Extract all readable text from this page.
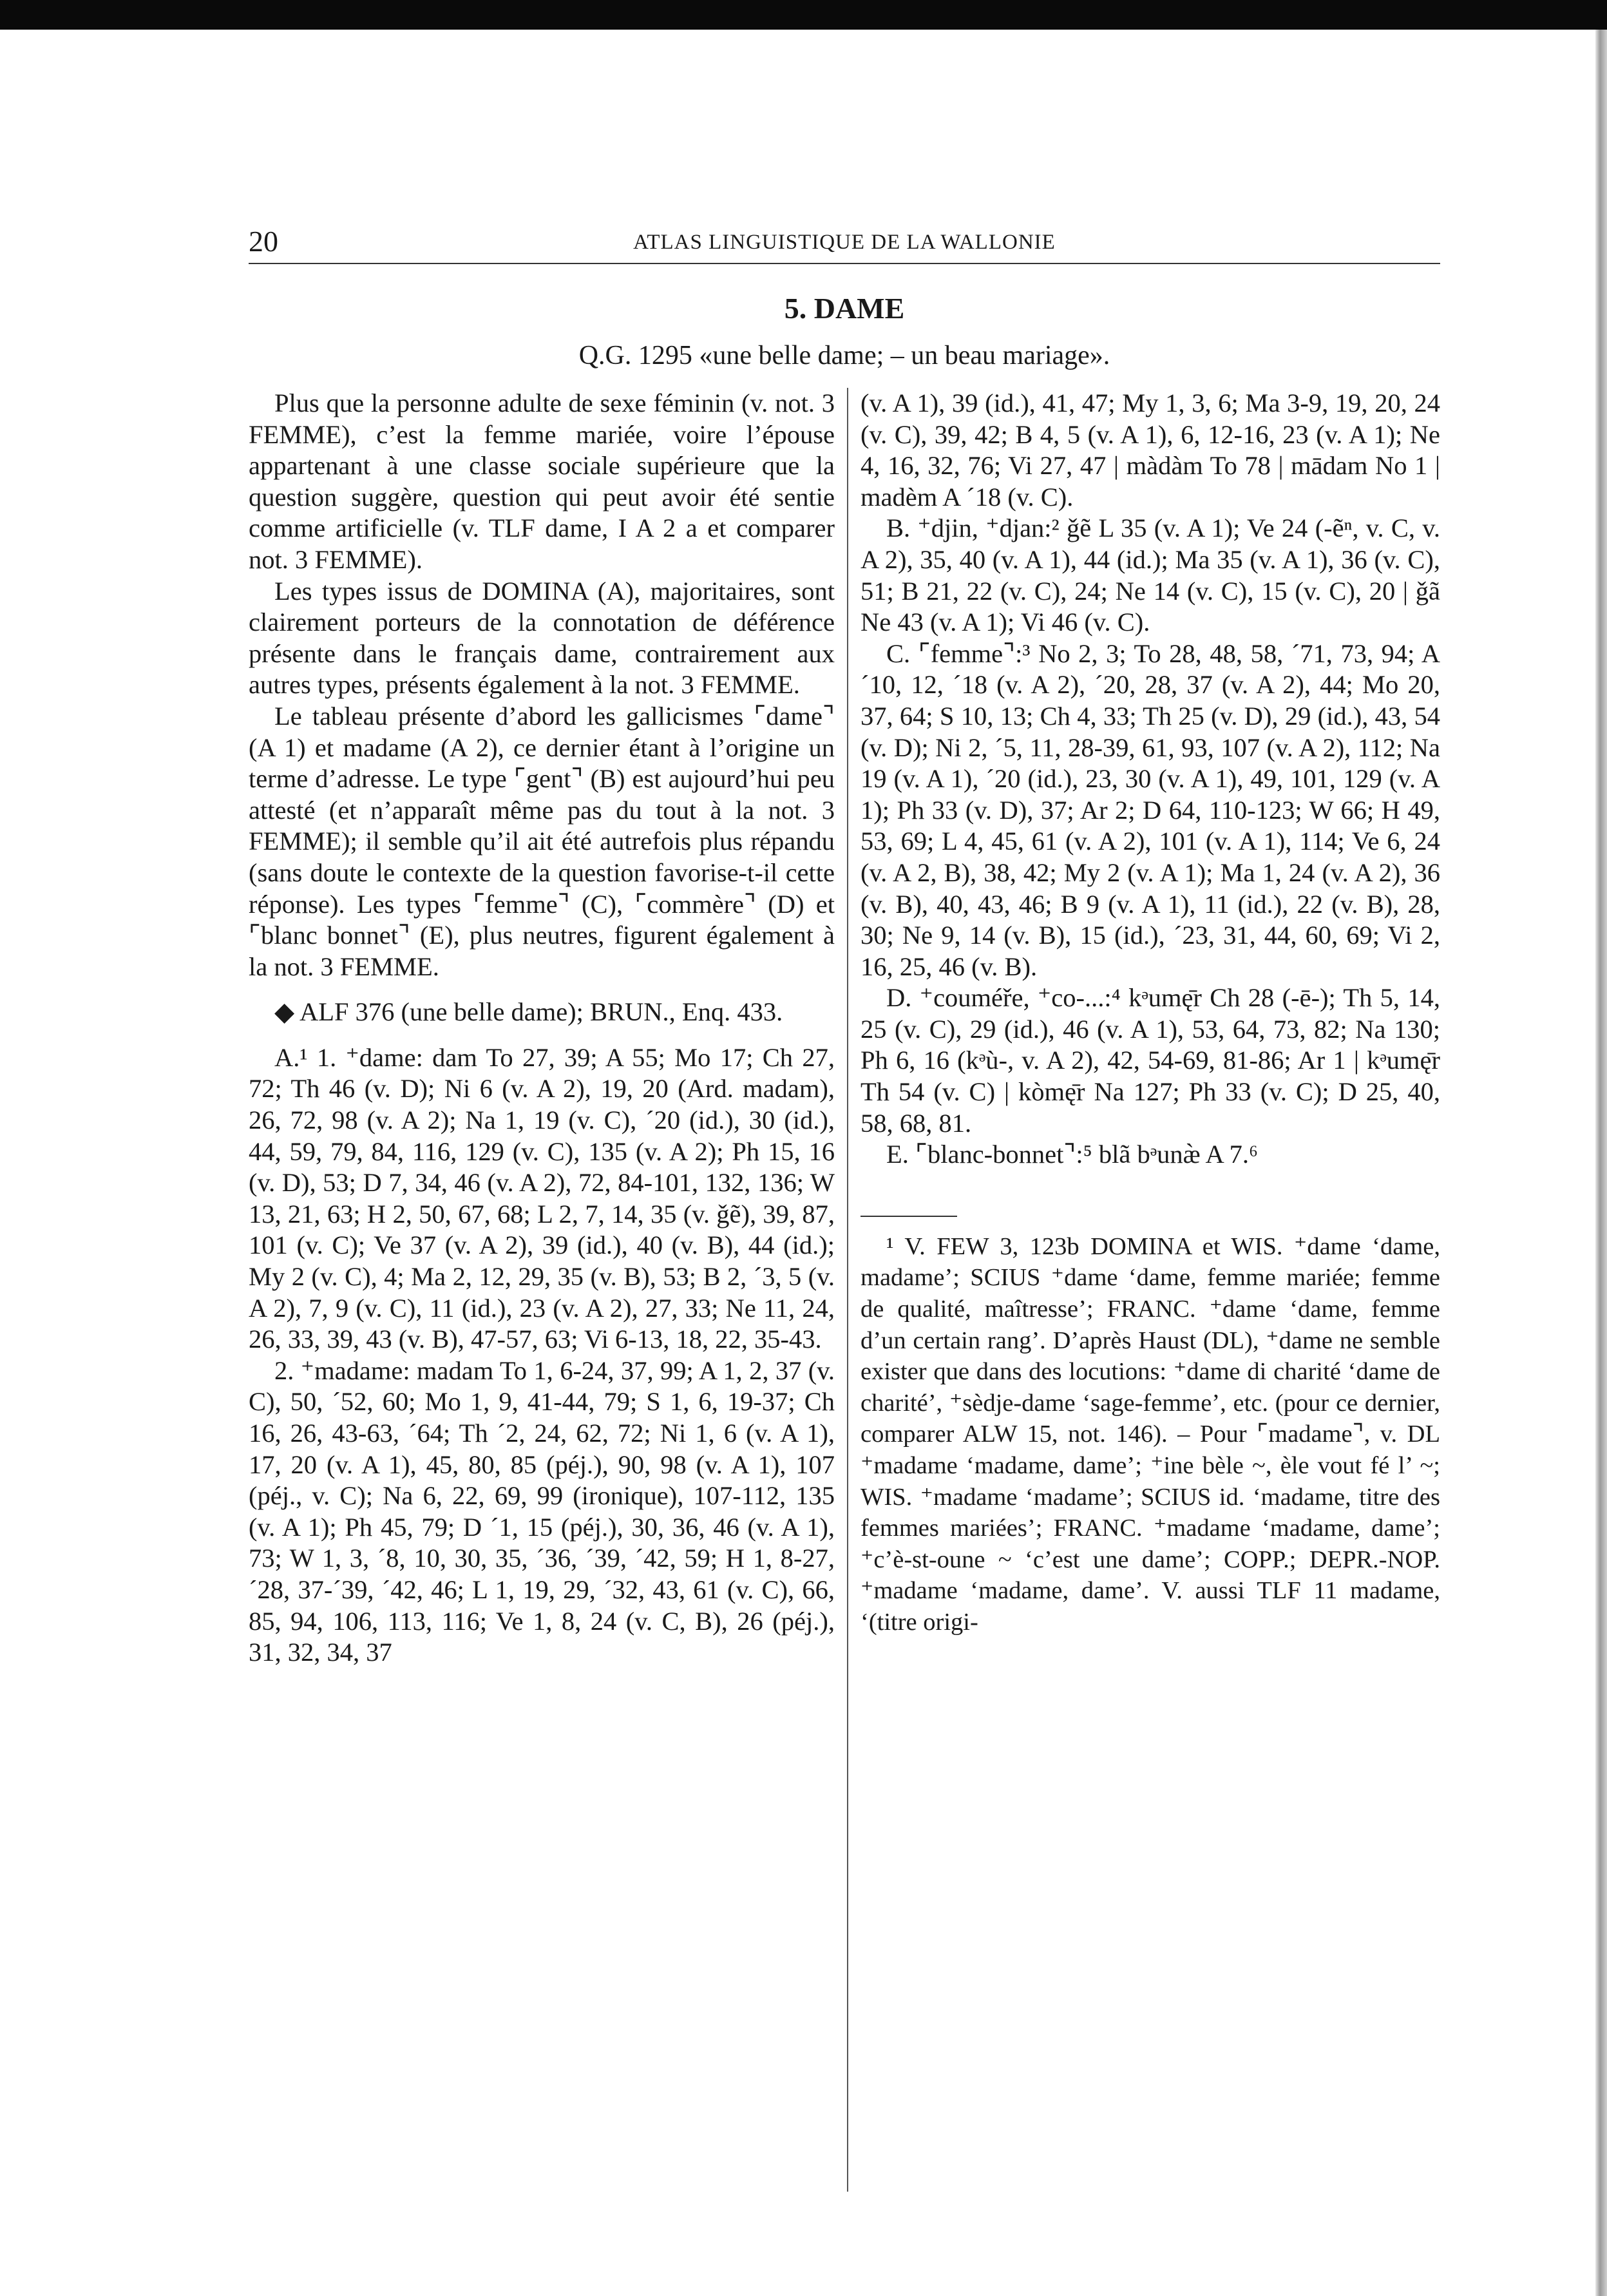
20	ATLAS LINGUISTIQUE DE LA WALLONIE
5. DAME
Q.G. 1295 «une belle dame; – un beau mariage».

Plus que la personne adulte de sexe féminin (v. not. 3 FEMME), c’est la femme mariée, voire l’épouse appartenant à une classe sociale supérieure que la question suggère, question qui peut avoir été sentie comme artificielle (v. TLF dame, I A 2 a et comparer not. 3 FEMME).

Les types issus de DOMINA (A), majoritaires, sont clairement porteurs de la connotation de déférence présente dans le français dame, contrairement aux autres types, présents également à la not. 3 FEMME.

Le tableau présente d’abord les gallicismes ⌜dame⌝ (A 1) et madame (A 2), ce dernier étant à l’origine un terme d’adresse. Le type ⌜gent⌝ (B) est aujourd’hui peu attesté (et n’apparaît même pas du tout à la not. 3 FEMME); il semble qu’il ait été autrefois plus répandu (sans doute le contexte de la question favorise-t-il cette réponse). Les types ⌜femme⌝ (C), ⌜commère⌝ (D) et ⌜blanc bonnet⌝ (E), plus neutres, figurent également à la not. 3 FEMME.

◆ ALF 376 (une belle dame); BRUN., Enq. 433.

A.¹ 1. ⁺dame: dam To 27, 39; A 55; Mo 17; Ch 27, 72; Th 46 (v. D); Ni 6 (v. A 2), 19, 20 (Ard. madam), 26, 72, 98 (v. A 2); Na 1, 19 (v. C), ´20 (id.), 30 (id.), 44, 59, 79, 84, 116, 129 (v. C), 135 (v. A 2); Ph 15, 16 (v. D), 53; D 7, 34, 46 (v. A 2), 72, 84-101, 132, 136; W 13, 21, 63; H 2, 50, 67, 68; L 2, 7, 14, 35 (v. ǧẽ), 39, 87, 101 (v. C); Ve 37 (v. A 2), 39 (id.), 40 (v. B), 44 (id.); My 2 (v. C), 4; Ma 2, 12, 29, 35 (v. B), 53; B 2, ´3, 5 (v. A 2), 7, 9 (v. C), 11 (id.), 23 (v. A 2), 27, 33; Ne 11, 24, 26, 33, 39, 43 (v. B), 47-57, 63; Vi 6-13, 18, 22, 35-43.

2. ⁺madame: madam To 1, 6-24, 37, 99; A 1, 2, 37 (v. C), 50, ´52, 60; Mo 1, 9, 41-44, 79; S 1, 6, 19-37; Ch 16, 26, 43-63, ´64; Th ´2, 24, 62, 72; Ni 1, 6 (v. A 1), 17, 20 (v. A 1), 45, 80, 85 (péj.), 90, 98 (v. A 1), 107 (péj., v. C); Na 6, 22, 69, 99 (ironique), 107-112, 135 (v. A 1); Ph 45, 79; D ´1, 15 (péj.), 30, 36, 46 (v. A 1), 73; W 1, 3, ´8, 10, 30, 35, ´36, ´39, ´42, 59; H 1, 8-27, ´28, 37-´39, ´42, 46; L 1, 19, 29, ´32, 43, 61 (v. C), 66, 85, 94, 106, 113, 116; Ve 1, 8, 24 (v. C, B), 26 (péj.), 31, 32, 34, 37

(v. A 1), 39 (id.), 41, 47; My 1, 3, 6; Ma 3-9, 19, 20, 24 (v. C), 39, 42; B 4, 5 (v. A 1), 6, 12-16, 23 (v. A 1); Ne 4, 16, 32, 76; Vi 27, 47 | màdàm To 78 | mādam No 1 | madèm A ´18 (v. C).

B. ⁺djin, ⁺djan:² ǧẽ L 35 (v. A 1); Ve 24 (-ẽⁿ, v. C, v. A 2), 35, 40 (v. A 1), 44 (id.); Ma 35 (v. A 1), 36 (v. C), 51; B 21, 22 (v. C), 24; Ne 14 (v. C), 15 (v. C), 20 | ǧã Ne 43 (v. A 1); Vi 46 (v. C).

C. ⌜femme⌝:³ No 2, 3; To 28, 48, 58, ´71, 73, 94; A ´10, 12, ´18 (v. A 2), ´20, 28, 37 (v. A 2), 44; Mo 20, 37, 64; S 10, 13; Ch 4, 33; Th 25 (v. D), 29 (id.), 43, 54 (v. D); Ni 2, ´5, 11, 28-39, 61, 93, 107 (v. A 2), 112; Na 19 (v. A 1), ´20 (id.), 23, 30 (v. A 1), 49, 101, 129 (v. A 1); Ph 33 (v. D), 37; Ar 2; D 64, 110-123; W 66; H 49, 53, 69; L 4, 45, 61 (v. A 2), 101 (v. A 1), 114; Ve 6, 24 (v. A 2, B), 38, 42; My 2 (v. A 1); Ma 1, 24 (v. A 2), 36 (v. B), 40, 43, 46; B 9 (v. A 1), 11 (id.), 22 (v. B), 28, 30; Ne 9, 14 (v. B), 15 (id.), ´23, 31, 44, 60, 69; Vi 2, 16, 25, 46 (v. B).

D. ⁺couméře, ⁺co-...:⁴ kᵊumę̄r Ch 28 (-ē-); Th 5, 14, 25 (v. C), 29 (id.), 46 (v. A 1), 53, 64, 73, 82; Na 130; Ph 6, 16 (kᵊù-, v. A 2), 42, 54-69, 81-86; Ar 1 | kᵊumę̄r Th 54 (v. C) | kòmę̄r Na 127; Ph 33 (v. C); D 25, 40, 58, 68, 81.

E. ⌜blanc-bonnet⌝:⁵ blã bᵊunæ̀ A 7.⁶

¹ V. FEW 3, 123b DOMINA et WIS. ⁺dame ‘dame, madame’; SCIUS ⁺dame ‘dame, femme mariée; femme de qualité, maîtresse’; FRANC. ⁺dame ‘dame, femme d’un certain rang’. D’après Haust (DL), ⁺dame ne semble exister que dans des locutions: ⁺dame di charité ‘dame de charité’, ⁺sèdje-dame ‘sage-femme’, etc. (pour ce dernier, comparer ALW 15, not. 146). – Pour ⌜madame⌝, v. DL ⁺madame ‘madame, dame’; ⁺ine bèle ~, èle vout fé l’ ~; WIS. ⁺madame ‘madame’; SCIUS id. ‘madame, titre des femmes mariées’; FRANC. ⁺madame ‘madame, dame’; ⁺c’è-st-oune ~ ‘c’est une dame’; COPP.; DEPR.-NOP. ⁺madame ‘madame, dame’. V. aussi TLF 11 madame, ‘(titre origi-
